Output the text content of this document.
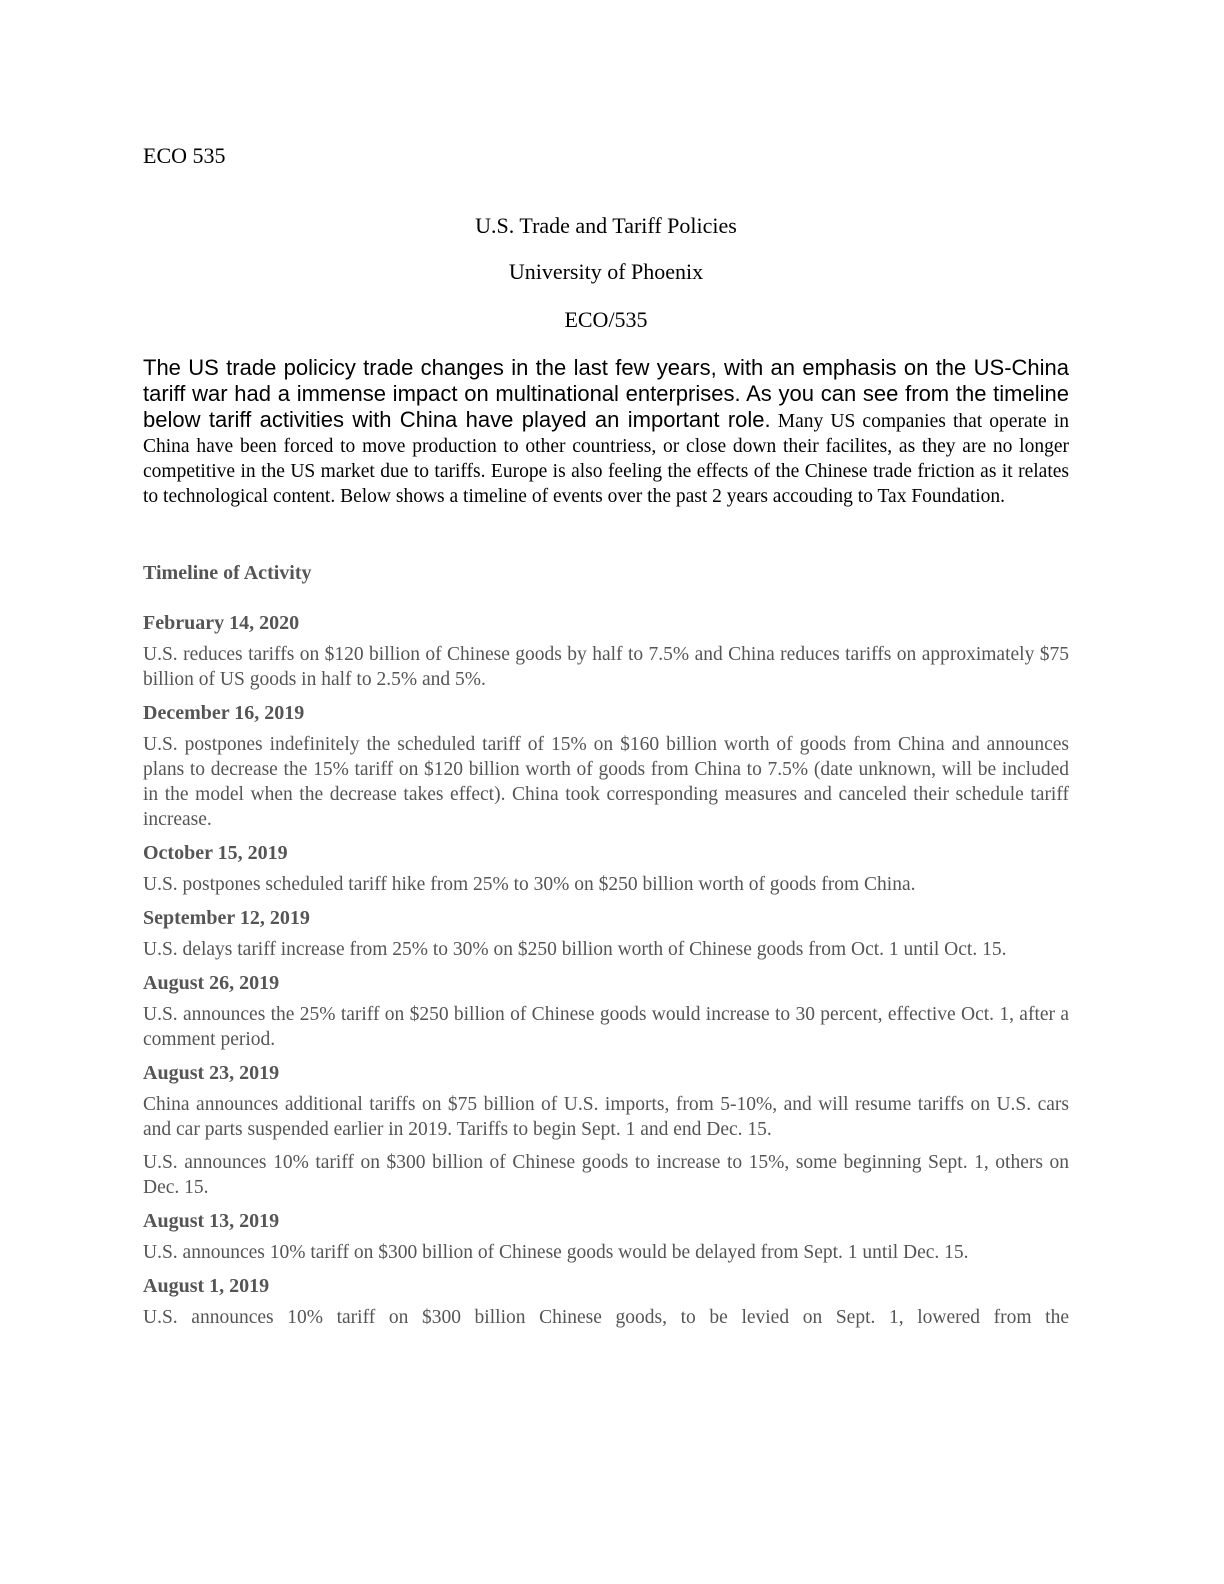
ECO 535
U.S. Trade and Tariff Policies
University of Phoenix
ECO/535

The US trade policicy trade changes in the last few years, with an emphasis on the US-China tariff war had a immense impact on multinational enterprises. As you can see from the timeline below tariff activities with China have played an important role. Many US companies that operate in China have been forced to move production to other countriess, or close down their facilites, as they are no longer competitive in the US market due to tariffs. Europe is also feeling the effects of the Chinese trade friction as it relates to technological content. Below shows a timeline of events over the past 2 years accouding to Tax Foundation.

Timeline of Activity
February 14, 2020
U.S. reduces tariffs on $120 billion of Chinese goods by half to 7.5% and China reduces tariffs on approximately $75 billion of US goods in half to 2.5% and 5%.
December 16, 2019
U.S. postpones indefinitely the scheduled tariff of 15% on $160 billion worth of goods from China and announces plans to decrease the 15% tariff on $120 billion worth of goods from China to 7.5% (date unknown, will be included in the model when the decrease takes effect). China took corresponding measures and canceled their schedule tariff increase.
October 15, 2019
U.S. postpones scheduled tariff hike from 25% to 30% on $250 billion worth of goods from China.
September 12, 2019
U.S. delays tariff increase from 25% to 30% on $250 billion worth of Chinese goods from Oct. 1 until Oct. 15.
August 26, 2019
U.S. announces the 25% tariff on $250 billion of Chinese goods would increase to 30 percent, effective Oct. 1, after a comment period.
August 23, 2019
China announces additional tariffs on $75 billion of U.S. imports, from 5-10%, and will resume tariffs on U.S. cars and car parts suspended earlier in 2019. Tariffs to begin Sept. 1 and end Dec. 15.
U.S. announces 10% tariff on $300 billion of Chinese goods to increase to 15%, some beginning Sept. 1, others on Dec. 15.
August 13, 2019
U.S. announces 10% tariff on $300 billion of Chinese goods would be delayed from Sept. 1 until Dec. 15.
August 1, 2019
U.S. announces 10% tariff on $300 billion Chinese goods, to be levied on Sept. 1, lowered from the
